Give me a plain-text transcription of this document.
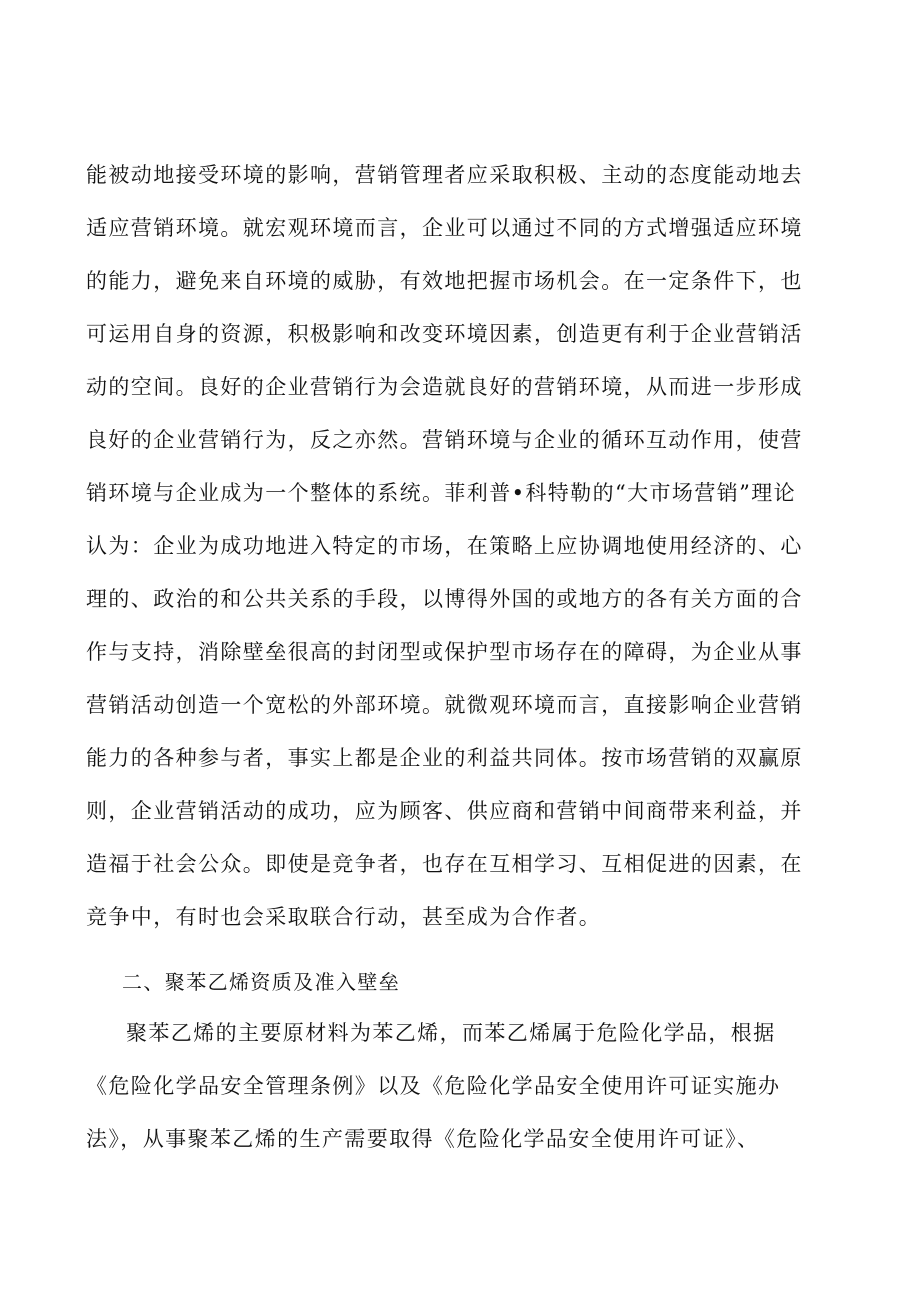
能被动地接受环境的影响，营销管理者应采取积极、主动的态度能动地去
适应营销环境。就宏观环境而言，企业可以通过不同的方式增强适应环境
的能力，避免来自环境的威胁，有效地把握市场机会。在一定条件下，也
可运用自身的资源，积极影响和改变环境因素，创造更有利于企业营销活
动的空间。良好的企业营销行为会造就良好的营销环境，从而进一步形成
良好的企业营销行为，反之亦然。营销环境与企业的循环互动作用，使营
销环境与企业成为一个整体的系统。菲利普•科特勒的“大市场营销”理论
认为：企业为成功地进入特定的市场，在策略上应协调地使用经济的、心
理的、政治的和公共关系的手段，以博得外国的或地方的各有关方面的合
作与支持，消除壁垒很高的封闭型或保护型市场存在的障碍，为企业从事
营销活动创造一个宽松的外部环境。就微观环境而言，直接影响企业营销
能力的各种参与者，事实上都是企业的利益共同体。按市场营销的双赢原
则，企业营销活动的成功，应为顾客、供应商和营销中间商带来利益，并
造福于社会公众。即使是竞争者，也存在互相学习、互相促进的因素，在
竞争中，有时也会采取联合行动，甚至成为合作者。
二、聚苯乙烯资质及准入壁垒
聚苯乙烯的主要原材料为苯乙烯，而苯乙烯属于危险化学品，根据
《危险化学品安全管理条例》以及《危险化学品安全使用许可证实施办
法》，从事聚苯乙烯的生产需要取得《危险化学品安全使用许可证》、
